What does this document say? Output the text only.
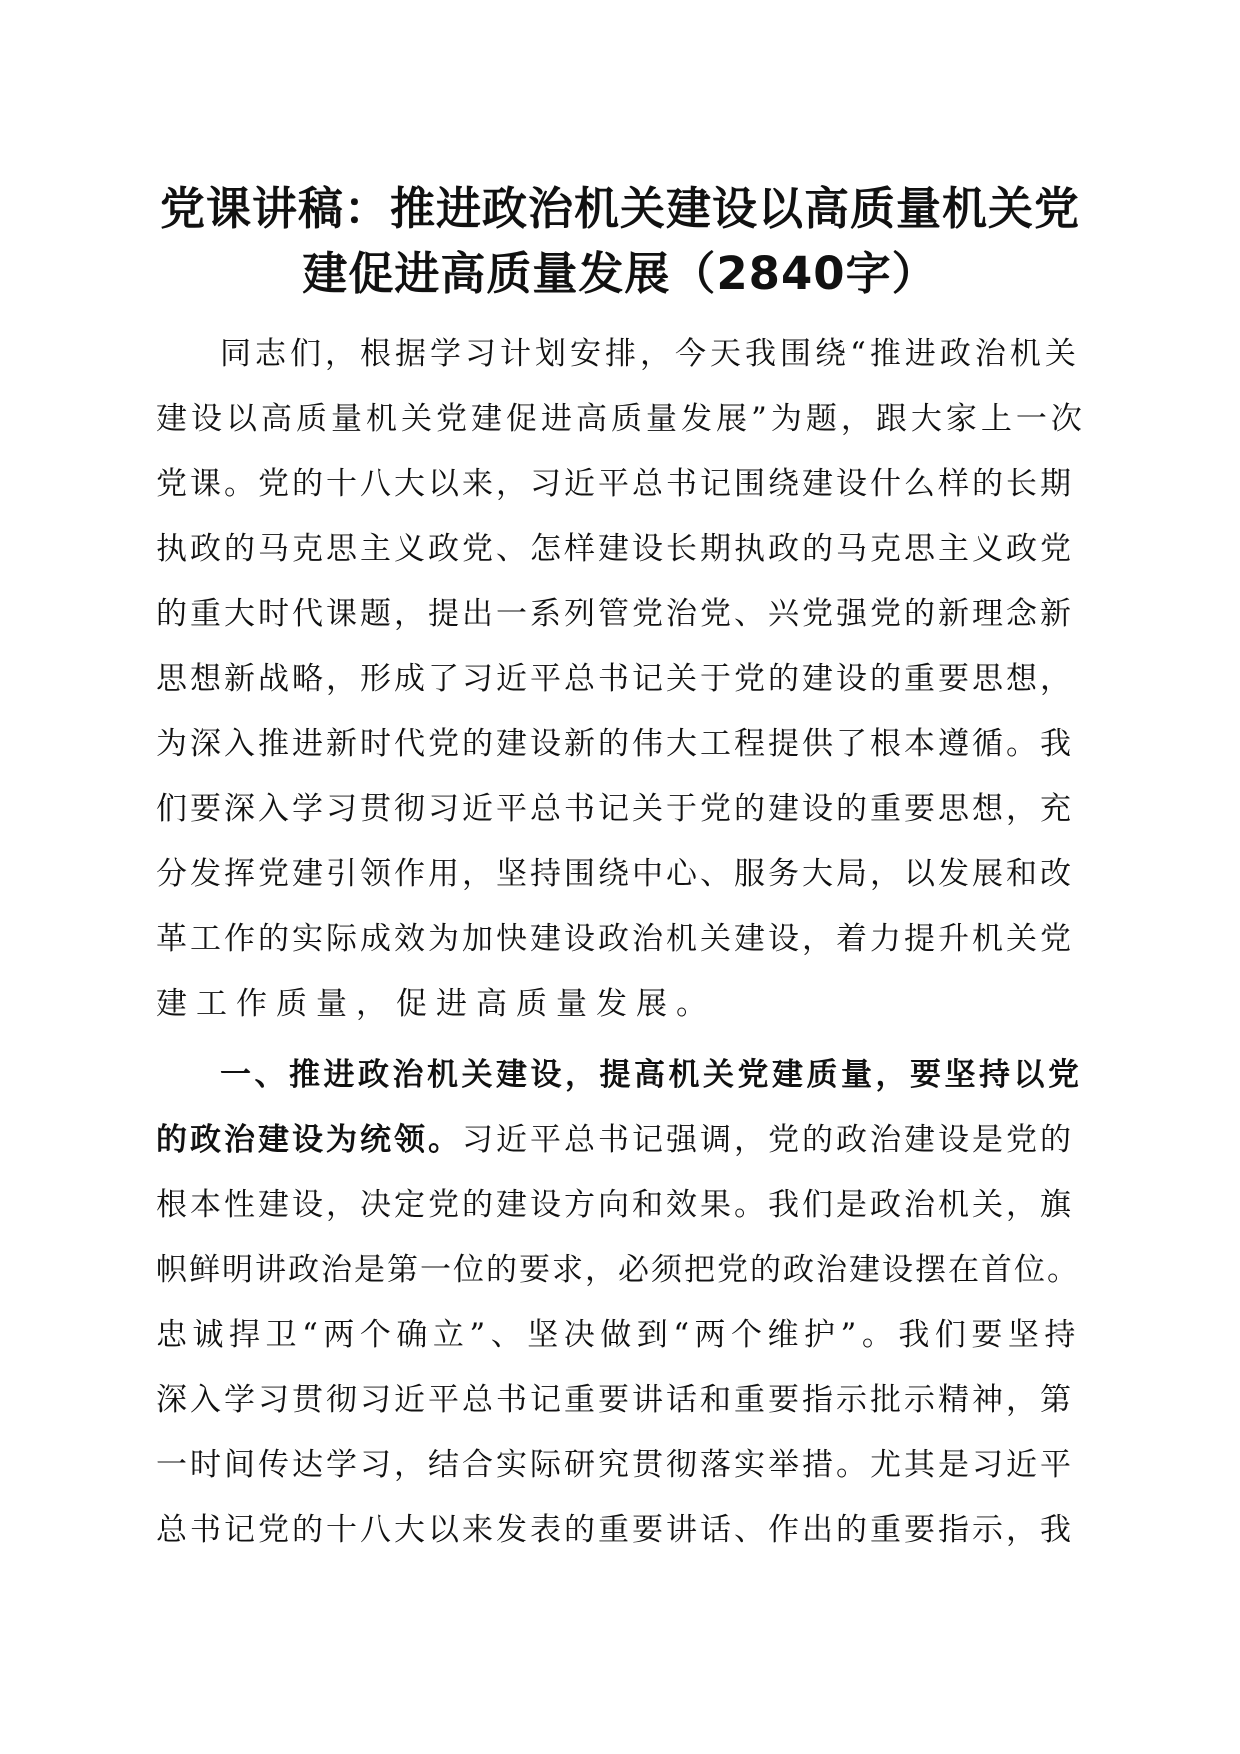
党课讲稿：推进政治机关建设以高质量机关党
建促进高质量发展（2840字）
同志们，根据学习计划安排，今天我围绕“推进政治机关
建设以高质量机关党建促进高质量发展”为题，跟大家上一次
党课。党的十八大以来，习近平总书记围绕建设什么样的长期
执政的马克思主义政党、怎样建设长期执政的马克思主义政党
的重大时代课题，提出一系列管党治党、兴党强党的新理念新
思想新战略，形成了习近平总书记关于党的建设的重要思想，
为深入推进新时代党的建设新的伟大工程提供了根本遵循。我
们要深入学习贯彻习近平总书记关于党的建设的重要思想，充
分发挥党建引领作用，坚持围绕中心、服务大局，以发展和改
革工作的实际成效为加快建设政治机关建设，着力提升机关党
建工作质量，促进高质量发展。
一、推进政治机关建设，提高机关党建质量，要坚持以党
的政治建设为统领。习近平总书记强调，党的政治建设是党的
根本性建设，决定党的建设方向和效果。我们是政治机关，旗
帜鲜明讲政治是第一位的要求，必须把党的政治建设摆在首位。
忠诚捍卫“两个确立”、坚决做到“两个维护”。我们要坚持
深入学习贯彻习近平总书记重要讲话和重要指示批示精神，第
一时间传达学习，结合实际研究贯彻落实举措。尤其是习近平
总书记党的十八大以来发表的重要讲话、作出的重要指示，我
